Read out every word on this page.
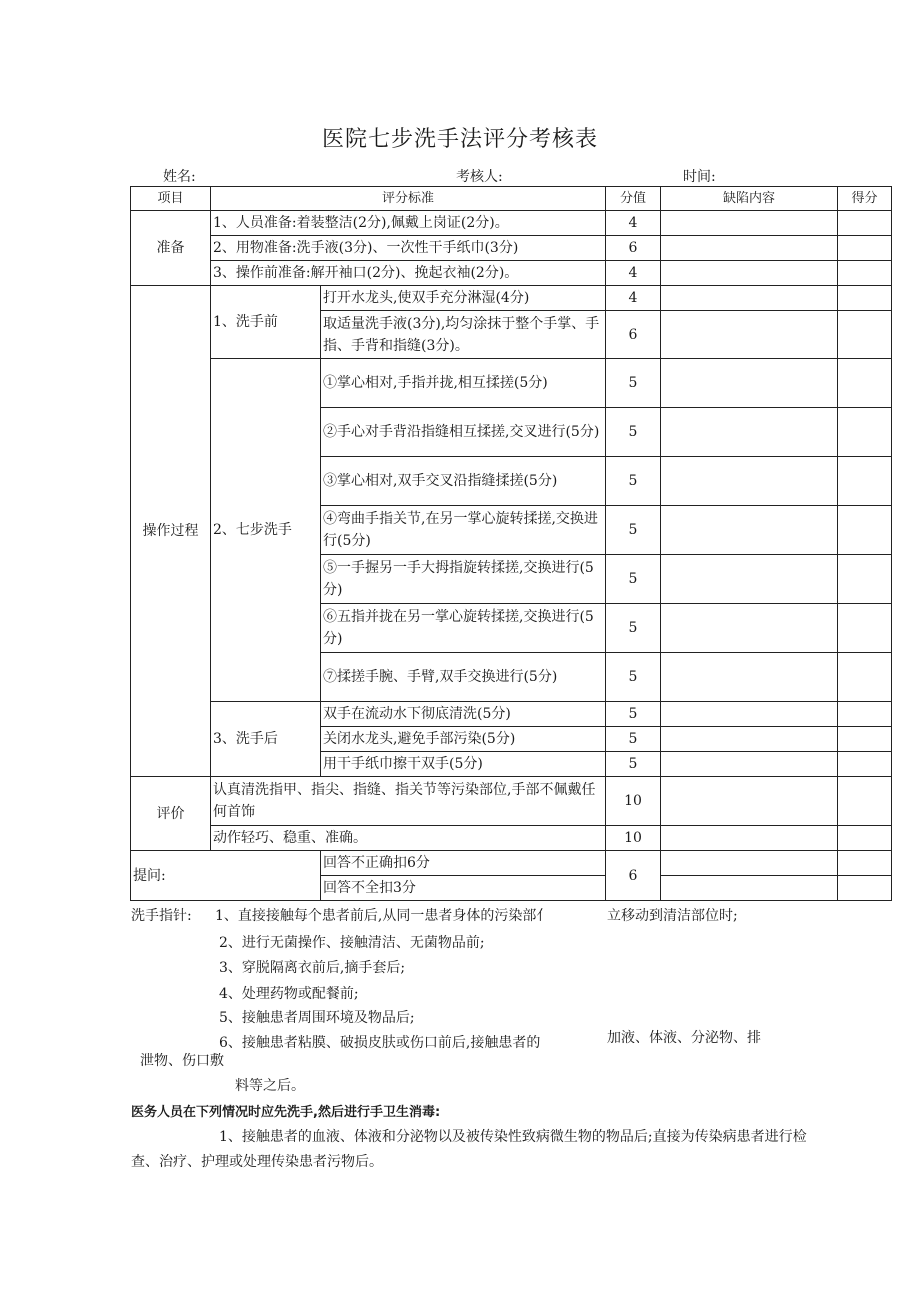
医院七步洗手法评分考核表
姓名:	考核人:	时间:
项目	评分标准		分值	缺陷内容	得分
准备	1、人员准备:着装整洁(2分),佩戴上岗证(2分)。		4		
	2、用物准备:洗手液(3分)、一次性干手纸巾(3分)		6		
	3、操作前准备:解开袖口(2分)、挽起衣袖(2分)。		4		
操作过程	1、洗手前	打开水龙头,使双手充分淋湿(4分)	4		
		取适量洗手液(3分),均匀涂抹于整个手掌、手指、手背和指缝(3分)。	6		
	2、七步洗手	①掌心相对,手指并拢,相互揉搓(5分)	5		
		②手心对手背沿指缝相互揉搓,交叉进行(5分)	5		
		③掌心相对,双手交叉沿指缝揉搓(5分)	5		
		④弯曲手指关节,在另一掌心旋转揉搓,交换进行(5分)	5		
		⑤一手握另一手大拇指旋转揉搓,交换进行(5分)	5		
		⑥五指并拢在另一掌心旋转揉搓,交换进行(5分)	5		
		⑦揉搓手腕、手臂,双手交换进行(5分)	5		
	3、洗手后	双手在流动水下彻底清洗(5分)	5		
		关闭水龙头,避免手部污染(5分)	5		
		用干手纸巾擦干双手(5分)	5		
评价	认真清洗指甲、指尖、指缝、指关节等污染部位,手部不佩戴任何首饰		10		
	动作轻巧、稳重、准确。		10		
提问:		回答不正确扣6分	6		
		回答不全扣3分			
洗手指针: 1、直接接触每个患者前后,从同一患者身体的污染部亻	立移动到清洁部位时;
2、进行无菌操作、接触清洁、无菌物品前;
3、穿脱隔离衣前后,摘手套后;
4、处理药物或配餐前;
5、接触患者周围环境及物品后;
6、接触患者粘膜、破损皮肤或伤口前后,接触患者的	加液、体液、分泌物、排
泄物、伤口敷
料等之后。
医务人员在下列情况时应先洗手,然后进行手卫生消毒:
1、接触患者的血液、体液和分泌物以及被传染性致病微生物的物品后;直接为传染病患者进行检
查、治疗、护理或处理传染患者污物后。
